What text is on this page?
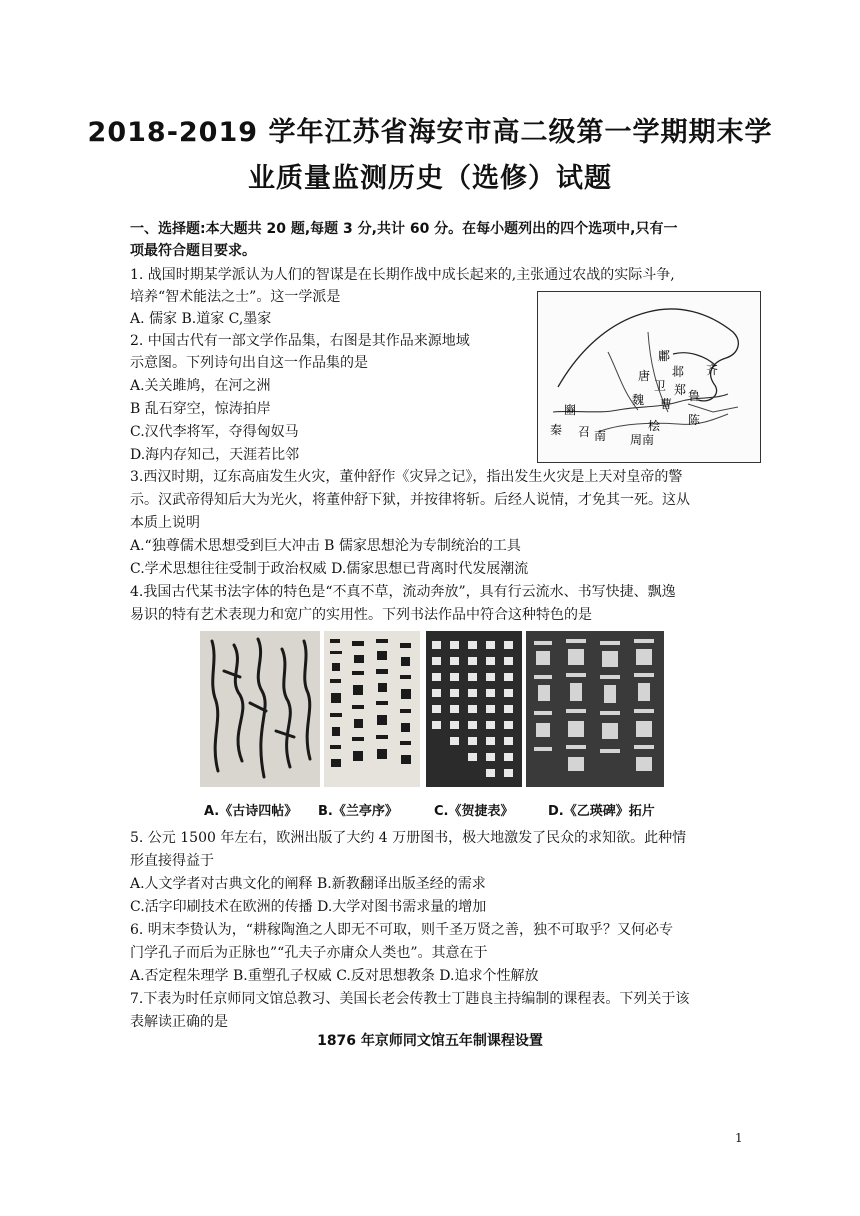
2018-2019 学年江苏省海安市高二级第一学期期末学
业质量监测历史（选修）试题
一、选择题:本大题共 20 题,每题 3 分,共计 60 分。在每小题列出的四个选项中,只有一
项最符合题目要求。
1. 战国时期某学派认为人们的智谋是在长期作战中成长起来的,主张通过农战的实际斗争,
培养“智术能法之士”。这一学派是
A. 儒家 B.道家 C,墨家
2. 中国古代有一部文学作品集，右图是其作品来源地域
示意图。下列诗句出自这一作品集的是
A.关关雎鸠，在河之洲
B 乱石穿空，惊涛拍岸
C.汉代李将军，夺得匈奴马
D.海内存知己，天涯若比邻
鄘
唐
卫
邶 齐
魏 曹
郑 鲁
桧 陈
豳
秦 召 南 周南
3.西汉时期，辽东高庙发生火灾，董仲舒作《灾异之记》，指出发生火灾是上天对皇帝的警
示。汉武帝得知后大为光火，将董仲舒下狱，并按律将斩。后经人说情，才免其一死。这从
本质上说明
A.“独尊儒术思想受到巨大冲击 B 儒家思想沦为专制统治的工具
C.学术思想往往受制于政治权威 D.儒家思想已背离时代发展潮流
4.我国古代某书法字体的特色是“不真不草，流动奔放”，具有行云流水、书写快捷、飘逸
易识的特有艺术表现力和宽广的实用性。下列书法作品中符合这种特色的是
A.《古诗四帖》 B.《兰亭序》	C.《贺捷表》	D.《乙瑛碑》拓片
5. 公元 1500 年左右，欧洲出版了大约 4 万册图书，极大地激发了民众的求知欲。此种情
形直接得益于
A.人文学者对古典文化的阐释 B.新教翻译出版圣经的需求
C.活字印刷技术在欧洲的传播 D.大学对图书需求量的增加
6. 明末李贽认为，“耕稼陶渔之人即无不可取，则千圣万贤之善，独不可取乎？又何必专
门学孔子而后为正脉也”“孔夫子亦庸众人类也”。其意在于
A.否定程朱理学 B.重塑孔子权威 C.反对思想教条 D.追求个性解放
7.下表为时任京师同文馆总教习、美国长老会传教士丁韪良主持编制的课程表。下列关于该
表解读正确的是
1876 年京师同文馆五年制课程设置
1
